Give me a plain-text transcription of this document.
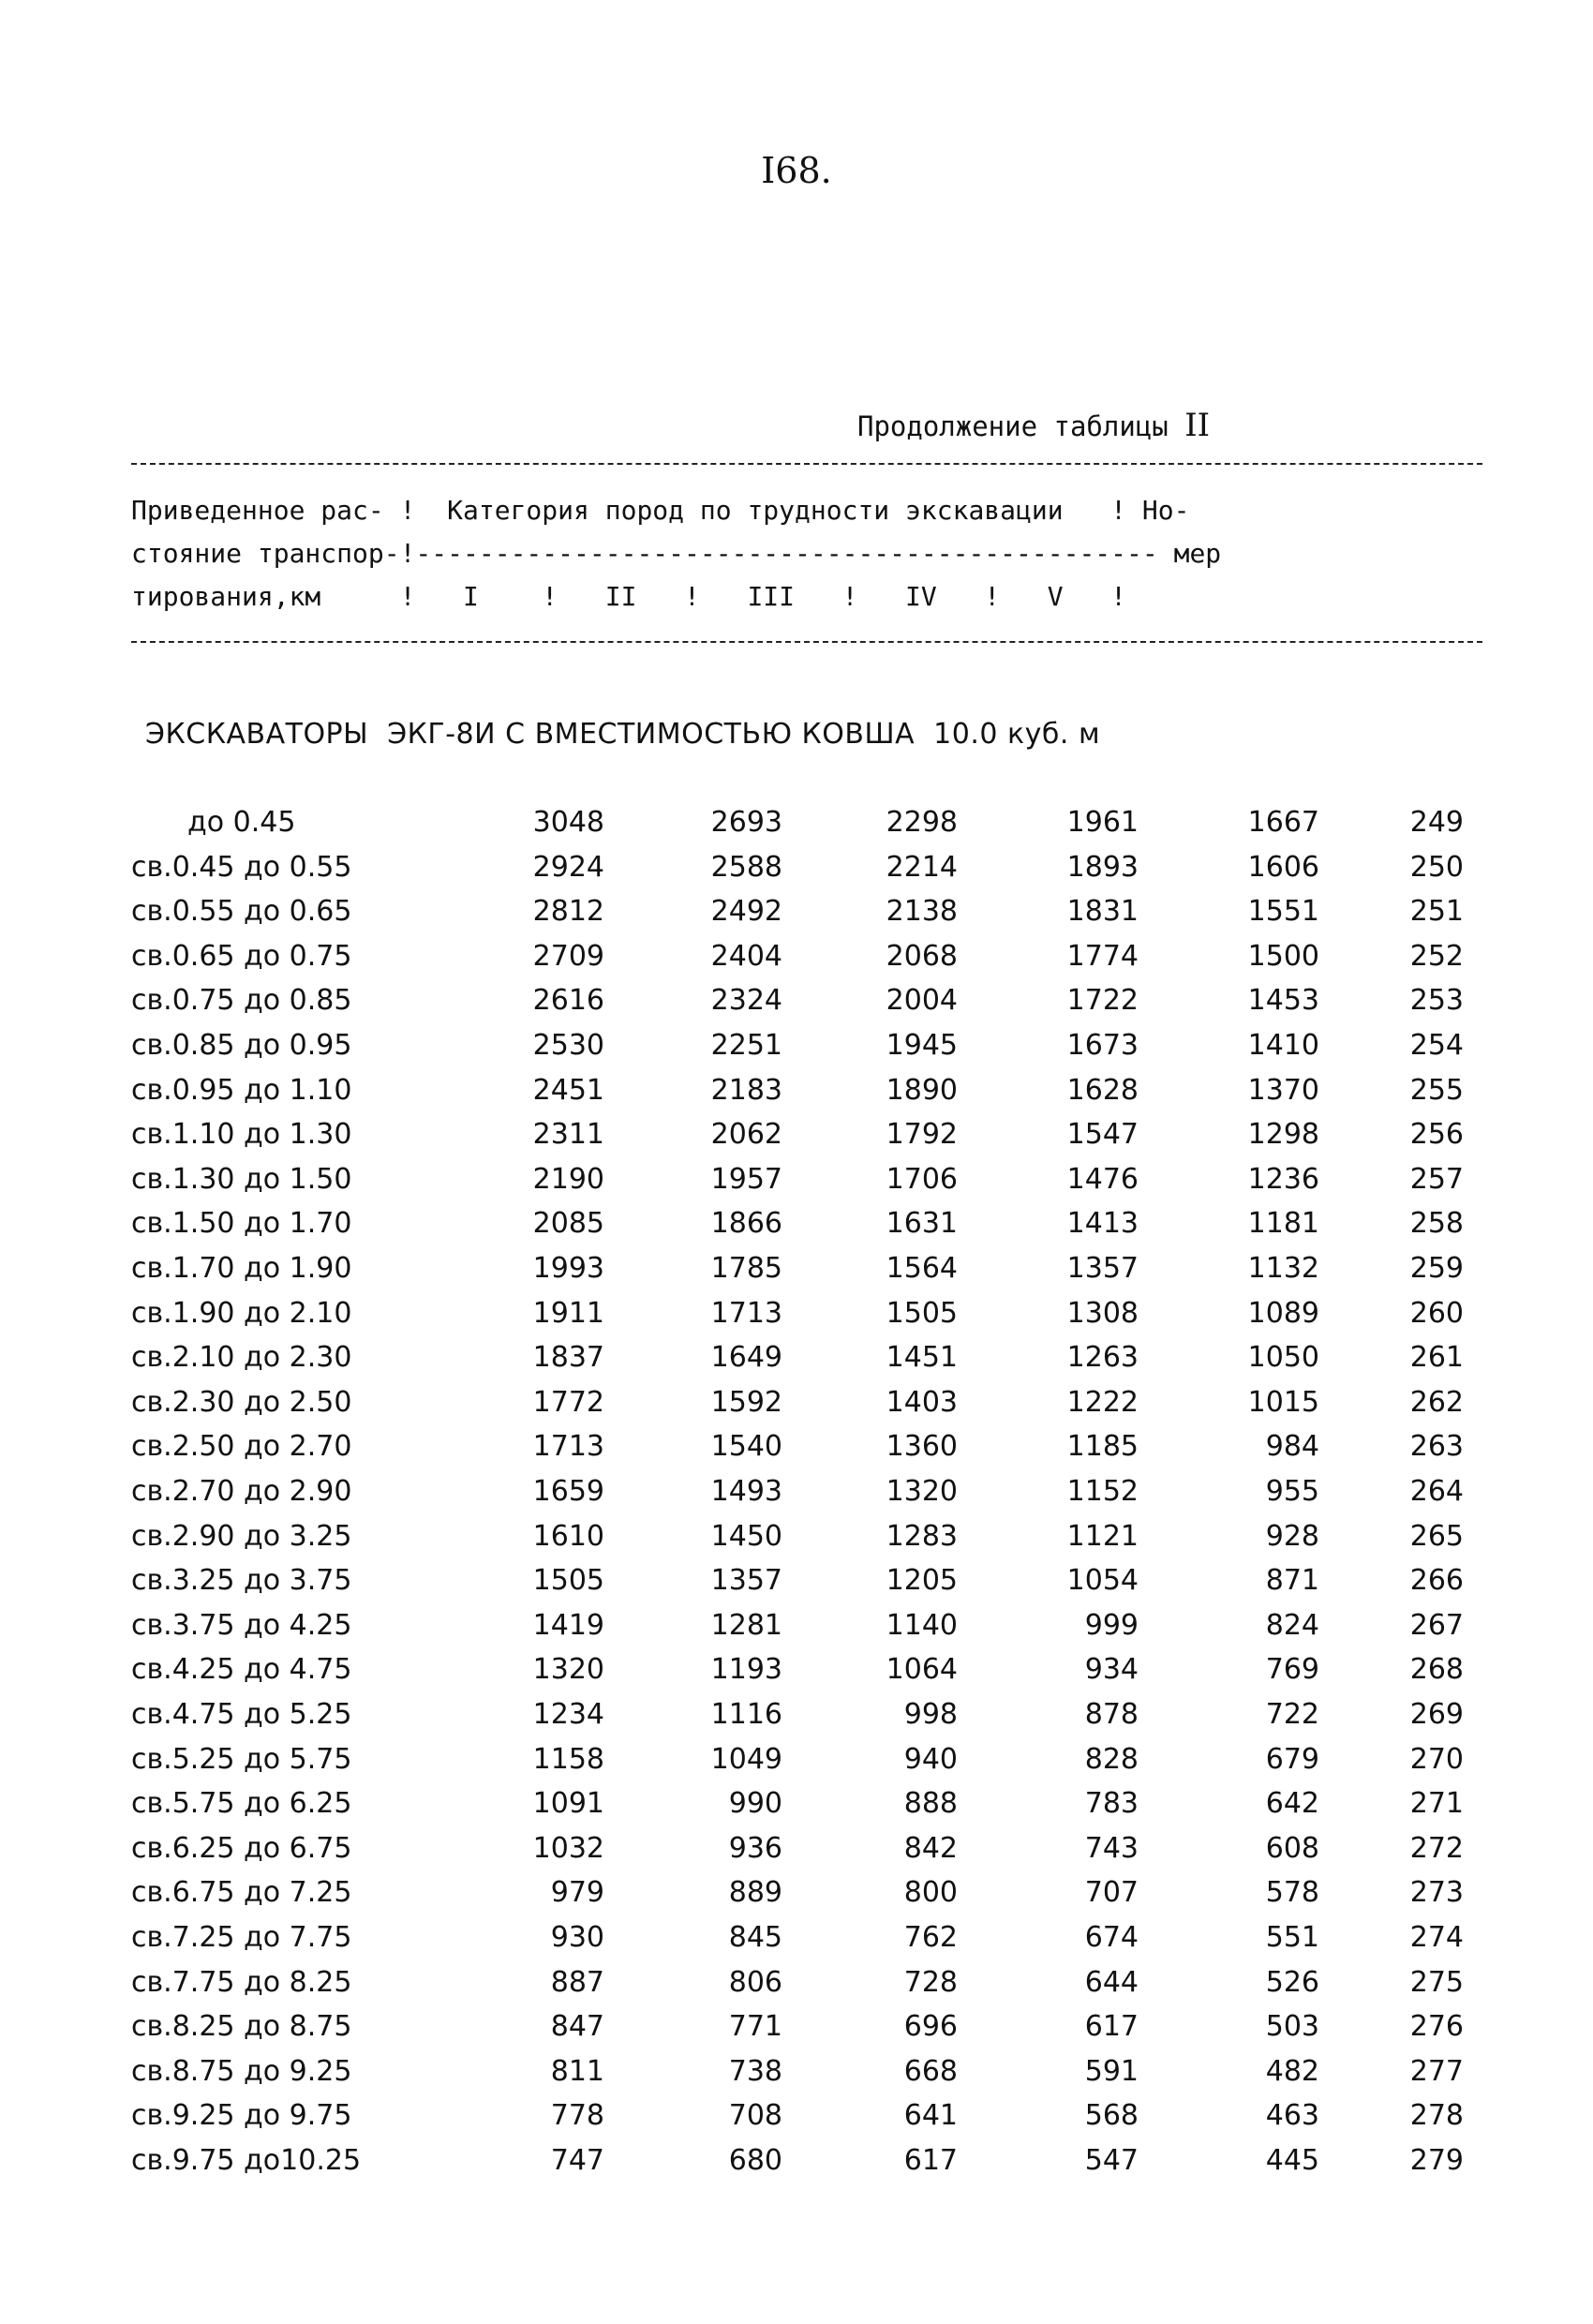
I68.
Продолжение таблицы II
Приведенное рас- !  Категория пород по трудности экскавации   ! Но-
стояние транспор-!----------------------------------------------- мер
тирования,км     !   I    !   II   !   III   !   IV   !   V   !
ЭКСКАВАТОРЫ  ЭКГ-8И С ВМЕСТИМОСТЬЮ КОВША  10.0 куб. м
до 0.45	3048	2693	2298	1961	1667	249
св.0.45 до 0.55	2924	2588	2214	1893	1606	250
св.0.55 до 0.65	2812	2492	2138	1831	1551	251
св.0.65 до 0.75	2709	2404	2068	1774	1500	252
св.0.75 до 0.85	2616	2324	2004	1722	1453	253
св.0.85 до 0.95	2530	2251	1945	1673	1410	254
св.0.95 до 1.10	2451	2183	1890	1628	1370	255
св.1.10 до 1.30	2311	2062	1792	1547	1298	256
св.1.30 до 1.50	2190	1957	1706	1476	1236	257
св.1.50 до 1.70	2085	1866	1631	1413	1181	258
св.1.70 до 1.90	1993	1785	1564	1357	1132	259
св.1.90 до 2.10	1911	1713	1505	1308	1089	260
св.2.10 до 2.30	1837	1649	1451	1263	1050	261
св.2.30 до 2.50	1772	1592	1403	1222	1015	262
св.2.50 до 2.70	1713	1540	1360	1185	984	263
св.2.70 до 2.90	1659	1493	1320	1152	955	264
св.2.90 до 3.25	1610	1450	1283	1121	928	265
св.3.25 до 3.75	1505	1357	1205	1054	871	266
св.3.75 до 4.25	1419	1281	1140	999	824	267
св.4.25 до 4.75	1320	1193	1064	934	769	268
св.4.75 до 5.25	1234	1116	998	878	722	269
св.5.25 до 5.75	1158	1049	940	828	679	270
св.5.75 до 6.25	1091	990	888	783	642	271
св.6.25 до 6.75	1032	936	842	743	608	272
св.6.75 до 7.25	979	889	800	707	578	273
св.7.25 до 7.75	930	845	762	674	551	274
св.7.75 до 8.25	887	806	728	644	526	275
св.8.25 до 8.75	847	771	696	617	503	276
св.8.75 до 9.25	811	738	668	591	482	277
св.9.25 до 9.75	778	708	641	568	463	278
св.9.75 до10.25	747	680	617	547	445	279
